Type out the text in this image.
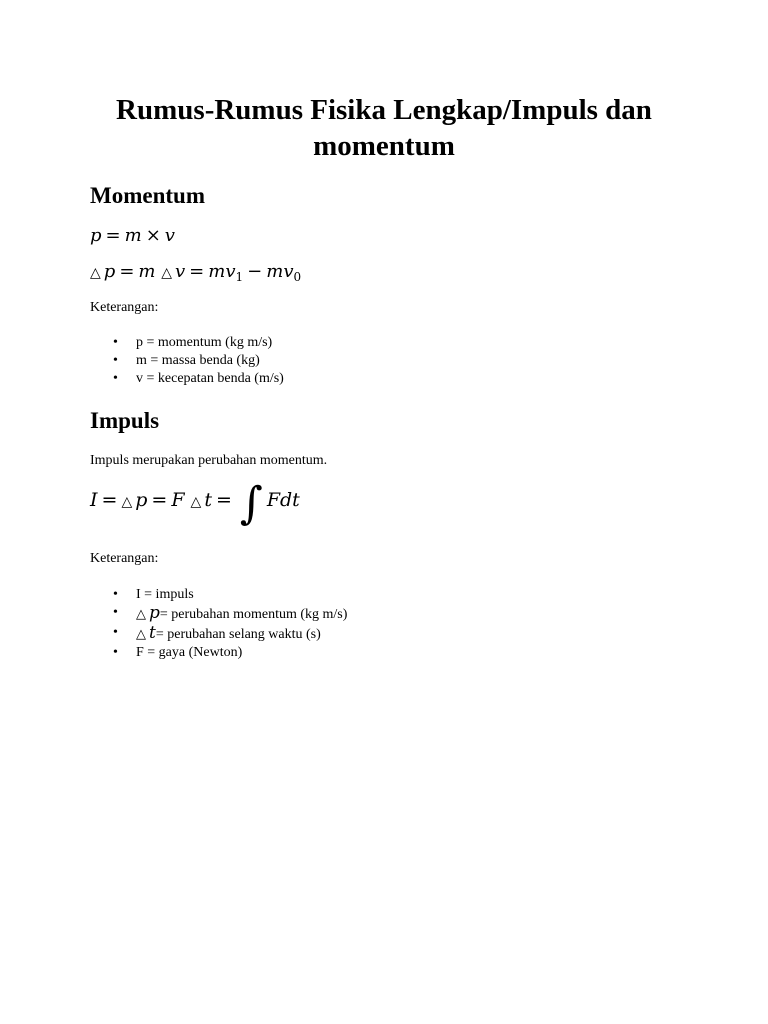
Rumus-Rumus Fisika Lengkap/Impuls dan momentum
Momentum
p = m × v
△ p = m △ $v = mv_1 - mv_0$

Keterangan:

• p = momentum (kg m/s)
• m = massa benda (kg)
• v = kecepatan benda (m/s)
Impuls

Impuls merupakan perubahan momentum.

I = △ p = F △ t = ∫ Fdt

Keterangan:

• I = impuls
• △ p= perubahan momentum (kg m/s)
• △ t= perubahan selang waktu (s)
• F = gaya (Newton)
